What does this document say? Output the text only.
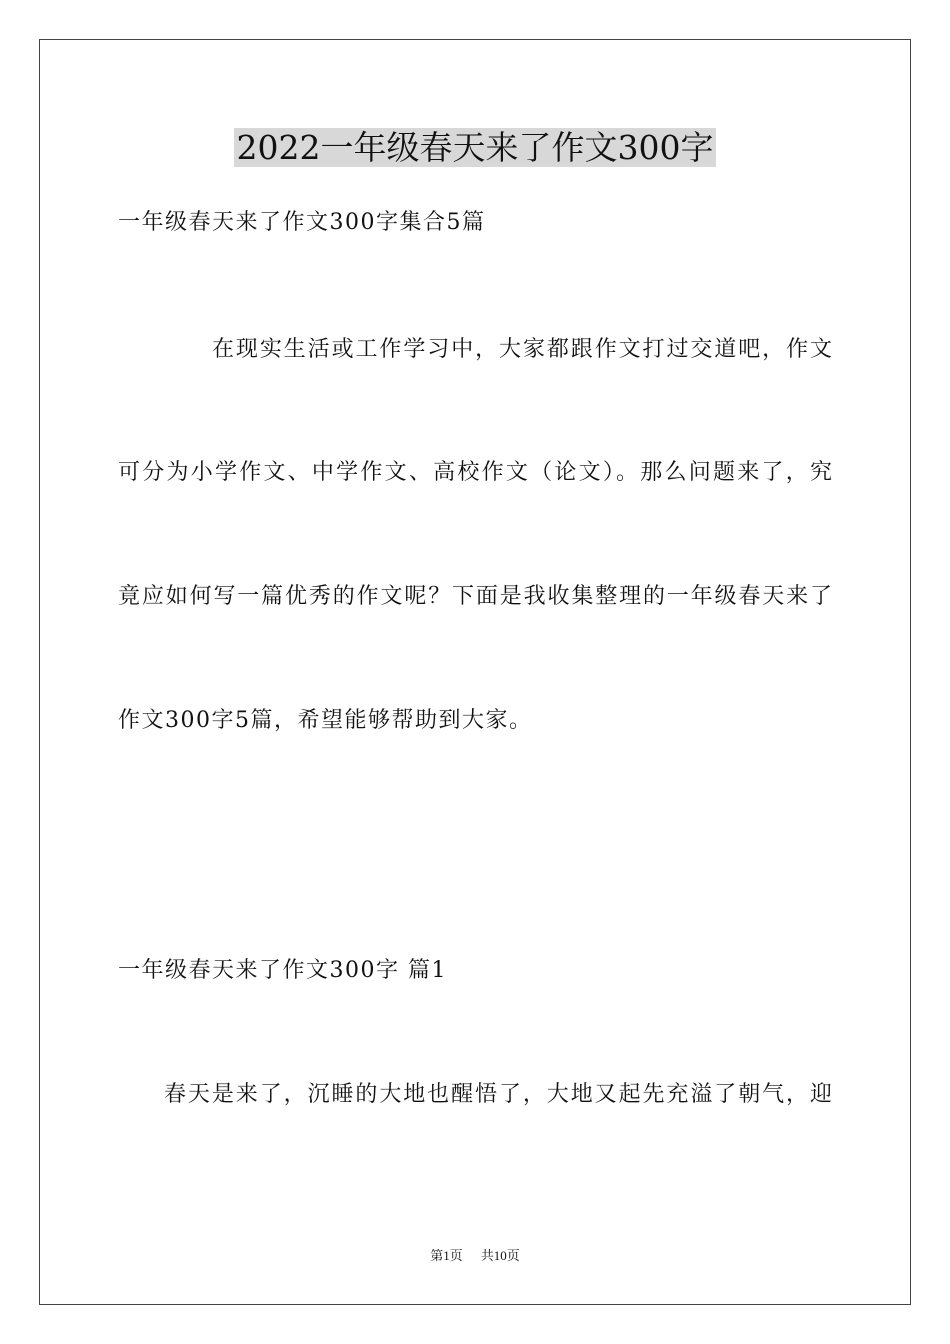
2022一年级春天来了作文300字

一年级春天来了作文300字集合5篇

在现实生活或工作学习中，大家都跟作文打过交道吧，作文

可分为小学作文、中学作文、高校作文（论文）。那么问题来了，究

竟应如何写一篇优秀的作文呢？下面是我收集整理的一年级春天来了

作文300字5篇，希望能够帮助到大家。

一年级春天来了作文300字 篇1

春天是来了，沉睡的大地也醒悟了，大地又起先充溢了朝气，迎

第1页 共10页
